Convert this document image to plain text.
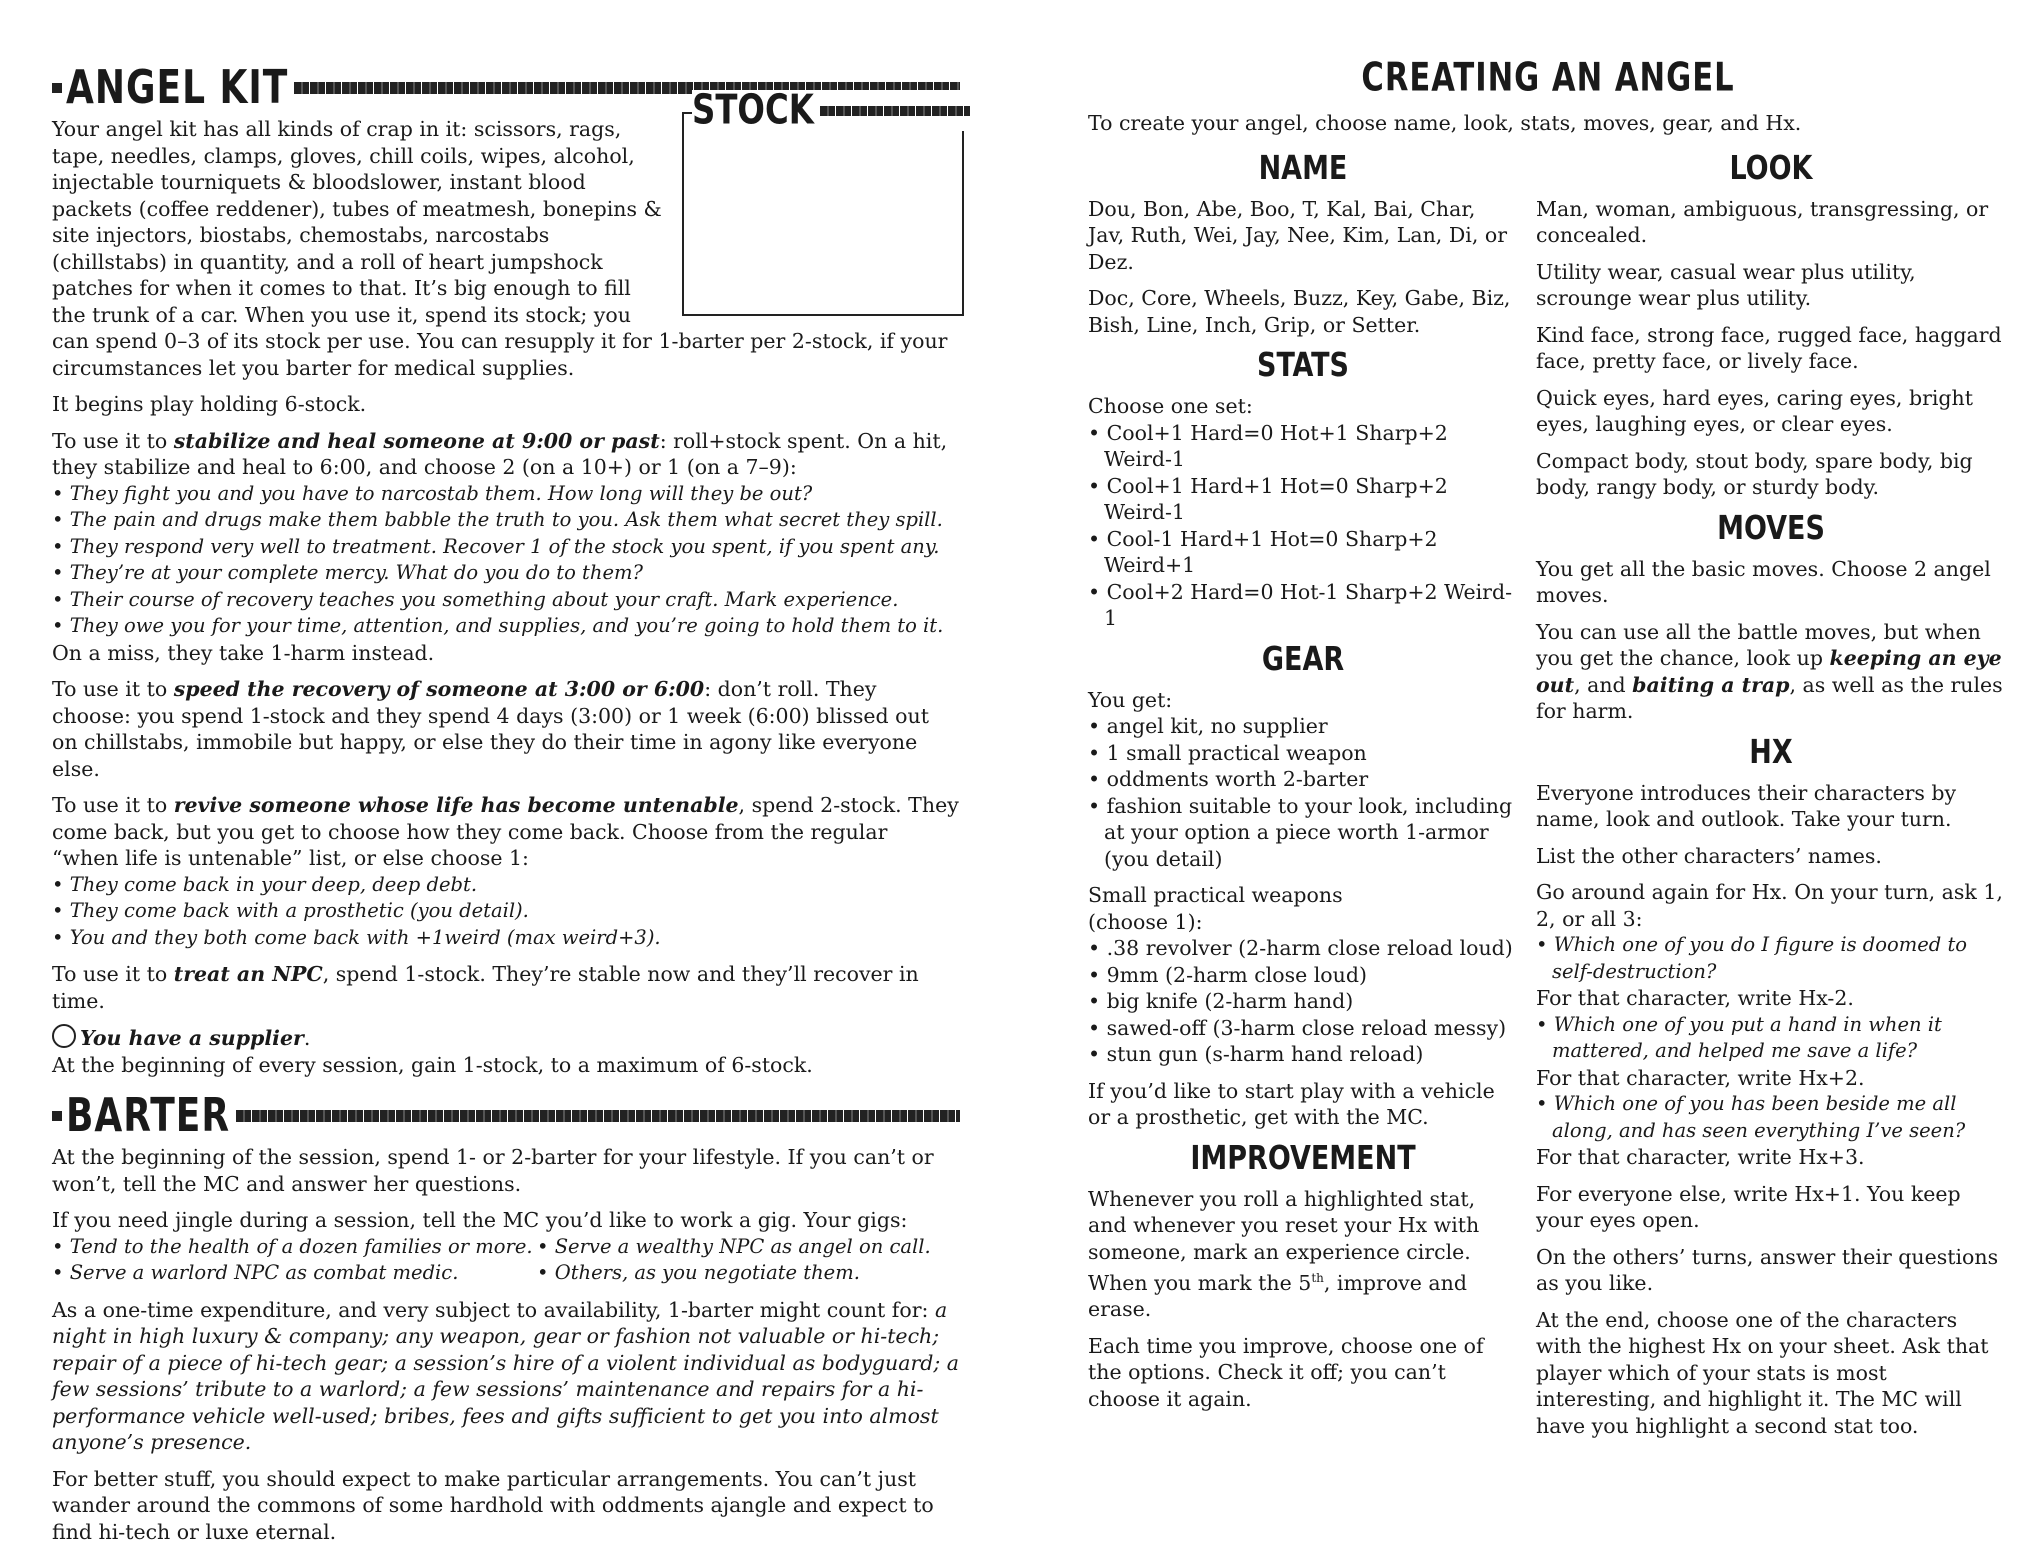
ANGEL KIT	STOCK

Your angel kit has all kinds of crap in it: scissors, rags, tape, needles, clamps, gloves, chill coils, wipes, alcohol, injectable tourniquets & bloodslower, instant blood packets (coffee reddener), tubes of meatmesh, bonepins & site injectors, biostabs, chemostabs, narcostabs (chillstabs) in quantity, and a roll of heart jumpshock patches for when it comes to that. It’s big enough to fill the trunk of a car. When you use it, spend its stock; you can spend 0–3 of its stock per use. You can resupply it for 1-barter per 2-stock, if your circumstances let you barter for medical supplies.

It begins play holding 6-stock.

To use it to stabilize and heal someone at 9:00 or past: roll+stock spent. On a hit, they stabilize and heal to 6:00, and choose 2 (on a 10+) or 1 (on a 7–9):

• They fight you and you have to narcostab them. How long will they be out?
• The pain and drugs make them babble the truth to you. Ask them what secret they spill.
• They respond very well to treatment. Recover 1 of the stock you spent, if you spent any.
• They’re at your complete mercy. What do you do to them?
• Their course of recovery teaches you something about your craft. Mark experience.
• They owe you for your time, attention, and supplies, and you’re going to hold them to it.

On a miss, they take 1-harm instead.

To use it to speed the recovery of someone at 3:00 or 6:00: don’t roll. They choose: you spend 1-stock and they spend 4 days (3:00) or 1 week (6:00) blissed out on chillstabs, immobile but happy, or else they do their time in agony like everyone else.

To use it to revive someone whose life has become untenable, spend 2-stock. They come back, but you get to choose how they come back. Choose from the regular “when life is untenable” list, or else choose 1:

• They come back in your deep, deep debt.
• They come back with a prosthetic (you detail).
• You and they both come back with +1weird (max weird+3).

To use it to treat an NPC, spend 1-stock. They’re stable now and they’ll recover in time.

You have a supplier.

At the beginning of every session, gain 1-stock, to a maximum of 6-stock.

BARTER

At the beginning of the session, spend 1- or 2-barter for your lifestyle. If you can’t or won’t, tell the MC and answer her questions.

If you need jingle during a session, tell the MC you’d like to work a gig. Your gigs:

• Tend to the health of a dozen families or more.	• Serve a wealthy NPC as angel on call.
• Serve a warlord NPC as combat medic.	• Others, as you negotiate them.

As a one-time expenditure, and very subject to availability, 1-barter might count for: a night in high luxury & company; any weapon, gear or fashion not valuable or hi-tech; repair of a piece of hi-tech gear; a session’s hire of a violent individual as bodyguard; a few sessions’ tribute to a warlord; a few sessions’ maintenance and repairs for a hi-performance vehicle well-used; bribes, fees and gifts sufficient to get you into almost anyone’s presence.

For better stuff, you should expect to make particular arrangements. You can’t just wander around the commons of some hardhold with oddments ajangle and expect to find hi-tech or luxe eternal.

CREATING AN ANGEL

To create your angel, choose name, look, stats, moves, gear, and Hx.

NAME

Dou, Bon, Abe, Boo, T, Kal, Bai, Char, Jav, Ruth, Wei, Jay, Nee, Kim, Lan, Di, or Dez.

Doc, Core, Wheels, Buzz, Key, Gabe, Biz, Bish, Line, Inch, Grip, or Setter.

STATS

Choose one set:

• Cool+1 Hard=0 Hot+1 Sharp+2 Weird-1
• Cool+1 Hard+1 Hot=0 Sharp+2 Weird-1
• Cool-1 Hard+1 Hot=0 Sharp+2 Weird+1
• Cool+2 Hard=0 Hot-1 Sharp+2 Weird-1
GEAR

You get:

• angel kit, no supplier
• 1 small practical weapon
• oddments worth 2-barter
• fashion suitable to your look, including at your option a piece worth 1-armor (you detail)

Small practical weapons
(choose 1):

• .38 revolver (2-harm close reload loud)
• 9mm (2-harm close loud)
• big knife (2-harm hand)
• sawed-off (3-harm close reload messy)
• stun gun (s-harm hand reload)

If you’d like to start play with a vehicle or a prosthetic, get with the MC.

IMPROVEMENT

Whenever you roll a highlighted stat, and whenever you reset your Hx with someone, mark an experience circle. When you mark the 5th, improve and erase.

Each time you improve, choose one of the options. Check it off; you can’t choose it again.

LOOK

Man, woman, ambiguous, transgressing, or concealed.

Utility wear, casual wear plus utility, scrounge wear plus utility.

Kind face, strong face, rugged face, haggard face, pretty face, or lively face.

Quick eyes, hard eyes, caring eyes, bright eyes, laughing eyes, or clear eyes.

Compact body, stout body, spare body, big body, rangy body, or sturdy body.

MOVES

You get all the basic moves. Choose 2 angel moves.

You can use all the battle moves, but when you get the chance, look up keeping an eye out, and baiting a trap, as well as the rules for harm.

HX

Everyone introduces their characters by name, look and outlook. Take your turn.

List the other characters’ names.

Go around again for Hx. On your turn, ask 1, 2, or all 3:

• Which one of you do I figure is doomed to self-destruction?
For that character, write Hx-2.
• Which one of you put a hand in when it mattered, and helped me save a life?
For that character, write Hx+2.
• Which one of you has been beside me all along, and has seen everything I’ve seen?
For that character, write Hx+3.

For everyone else, write Hx+1. You keep your eyes open.

On the others’ turns, answer their questions as you like.

At the end, choose one of the characters with the highest Hx on your sheet. Ask that player which of your stats is most interesting, and highlight it. The MC will have you highlight a second stat too.
